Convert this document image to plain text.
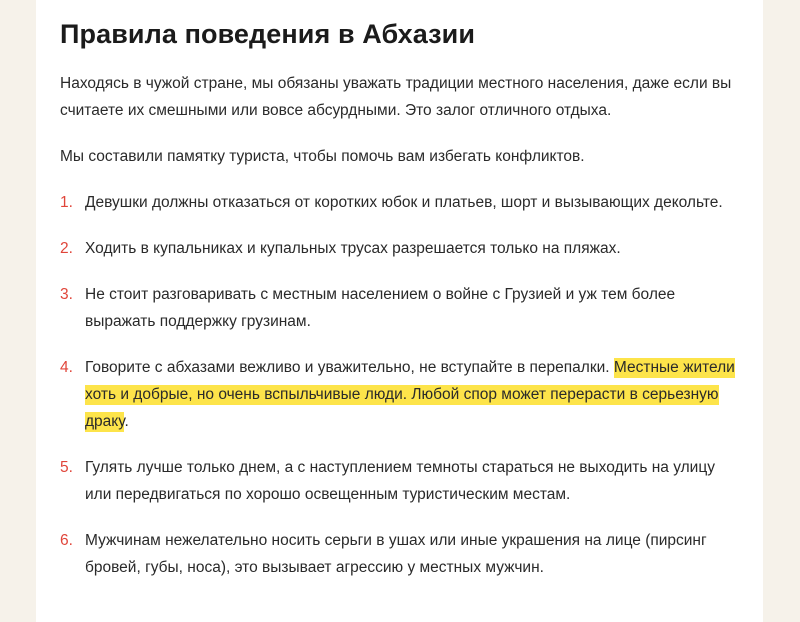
Правила поведения в Абхазии

Находясь в чужой стране, мы обязаны уважать традиции местного населения, даже если вы считаете их смешными или вовсе абсурдными. Это залог отличного отдыха.

Мы составили памятку туриста, чтобы помочь вам избегать конфликтов.

1. Девушки должны отказаться от коротких юбок и платьев, шорт и вызывающих декольте.
2. Ходить в купальниках и купальных трусах разрешается только на пляжах.
3. Не стоит разговаривать с местным населением о войне с Грузией и уж тем более выражать поддержку грузинам.
4. Говорите с абхазами вежливо и уважительно, не вступайте в перепалки. Местные жители хоть и добрые, но очень вспыльчивые люди. Любой спор может перерасти в серьезную драку.
5. Гулять лучше только днем, а с наступлением темноты стараться не выходить на улицу или передвигаться по хорошо освещенным туристическим местам.
6. Мужчинам нежелательно носить серьги в ушах или иные украшения на лице (пирсинг бровей, губы, носа), это вызывает агрессию у местных мужчин.
